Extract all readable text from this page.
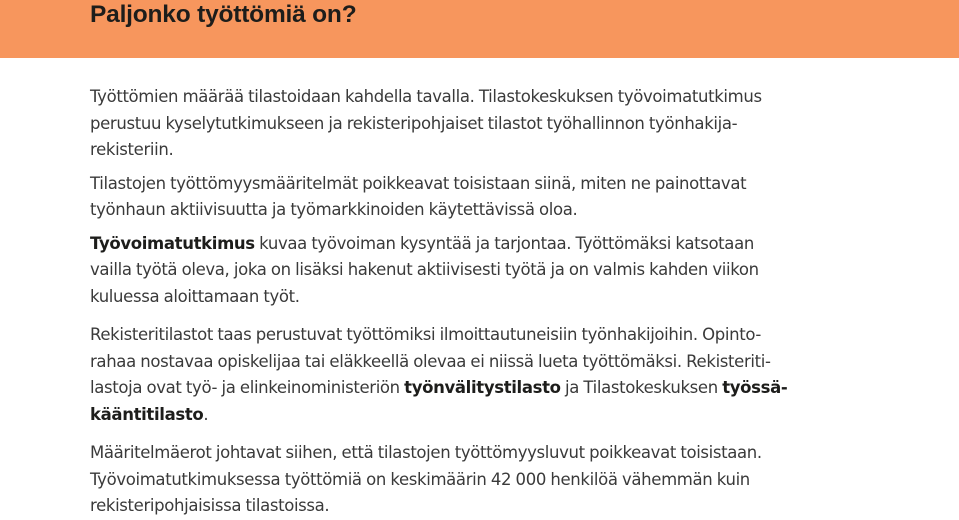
Paljonko työttömiä on?

Työttömien määrää tilastoidaan kahdella tavalla. Tilastokeskuksen työvoimatutkimus
perustuu kyselytutkimukseen ja rekisteripohjaiset tilastot työhallinnon työnhakija-
rekisteriin.

Tilastojen työttömyysmääritelmät poikkeavat toisistaan siinä, miten ne painottavat
työnhaun aktiivisuutta ja työmarkkinoiden käytettävissä oloa.

Työvoimatutkimus kuvaa työvoiman kysyntää ja tarjontaa. Työttömäksi katsotaan
vailla työtä oleva, joka on lisäksi hakenut aktiivisesti työtä ja on valmis kahden viikon
kuluessa aloittamaan työt.

Rekisteritilastot taas perustuvat työttömiksi ilmoittautuneisiin työnhakijoihin. Opinto-
rahaa nostavaa opiskelijaa tai eläkkeellä olevaa ei niissä lueta työttömäksi. Rekisteriti-
lastoja ovat työ- ja elinkeinoministeriön työnvälitystilasto ja Tilastokeskuksen työssä-
kääntitilasto.

Määritelmäerot johtavat siihen, että tilastojen työttömyysluvut poikkeavat toisistaan.
Työvoimatutkimuksessa työttömiä on keskimäärin 42 000 henkilöä vähemmän kuin
rekisteripohjaisissa tilastoissa.
